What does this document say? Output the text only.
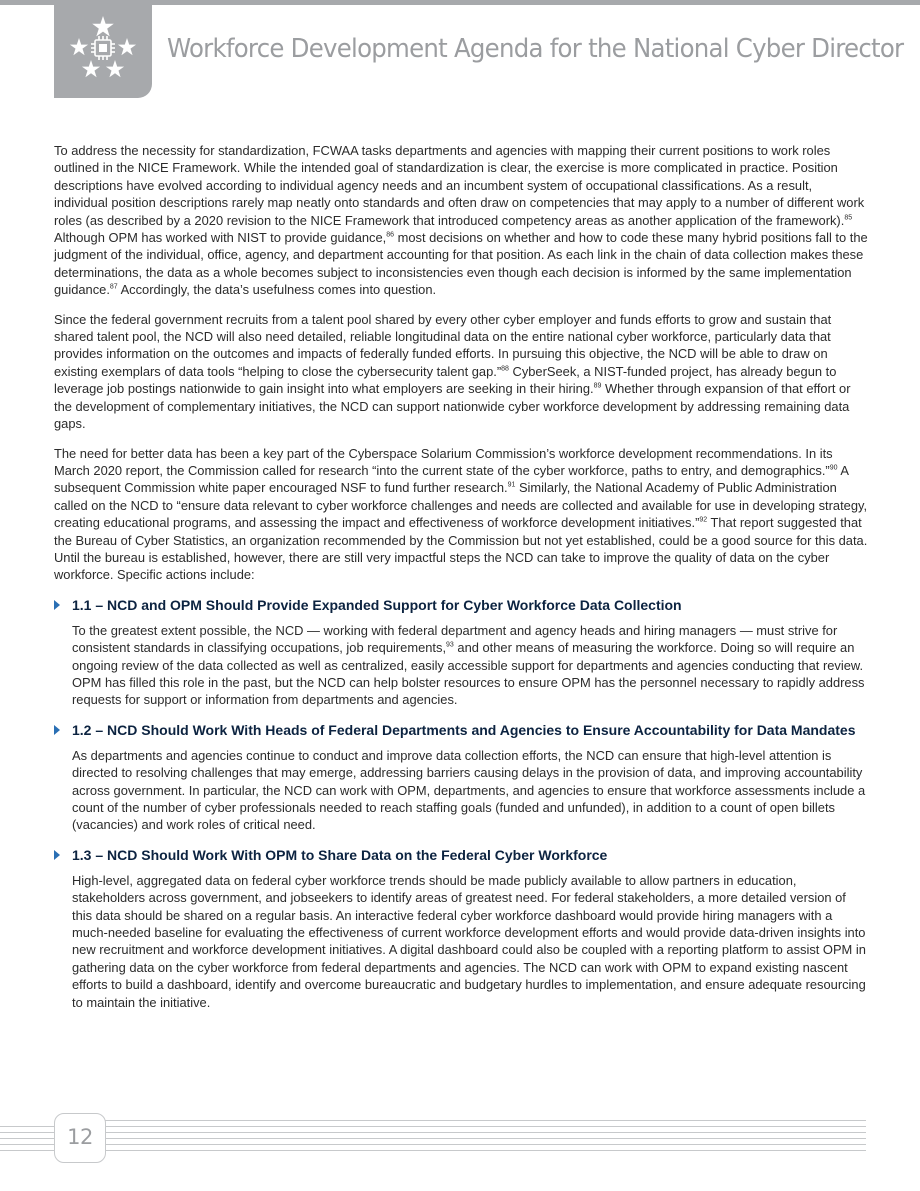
Workforce Development Agenda for the National Cyber Director

To address the necessity for standardization, FCWAA tasks departments and agencies with mapping their current positions to work roles outlined in the NICE Framework. While the intended goal of standardization is clear, the exercise is more complicated in practice. Position descriptions have evolved according to individual agency needs and an incumbent system of occupational classifications. As a result, individual position descriptions rarely map neatly onto standards and often draw on competencies that may apply to a number of different work roles (as described by a 2020 revision to the NICE Framework that introduced competency areas as another application of the framework).$^{85}$ Although OPM has worked with NIST to provide guidance,$^{86}$ most decisions on whether and how to code these many hybrid positions fall to the judgment of the individual, office, agency, and department accounting for that position. As each link in the chain of data collection makes these determinations, the data as a whole becomes subject to inconsistencies even though each decision is informed by the same implementation guidance.$^{87}$ Accordingly, the data’s usefulness comes into question.

Since the federal government recruits from a talent pool shared by every other cyber employer and funds efforts to grow and sustain that shared talent pool, the NCD will also need detailed, reliable longitudinal data on the entire national cyber workforce, particularly data that provides information on the outcomes and impacts of federally funded efforts. In pursuing this objective, the NCD will be able to draw on existing exemplars of data tools “helping to close the cybersecurity talent gap.”$^{88}$ CyberSeek, a NIST-funded project, has already begun to leverage job postings nationwide to gain insight into what employers are seeking in their hiring.$^{89}$ Whether through expansion of that effort or the development of complementary initiatives, the NCD can support nationwide cyber workforce development by addressing remaining data gaps.

The need for better data has been a key part of the Cyberspace Solarium Commission’s workforce development recommendations. In its March 2020 report, the Commission called for research “into the current state of the cyber workforce, paths to entry, and demographics.”$^{90}$ A subsequent Commission white paper encouraged NSF to fund further research.$^{91}$ Similarly, the National Academy of Public Administration called on the NCD to “ensure data relevant to cyber workforce challenges and needs are collected and available for use in developing strategy, creating educational programs, and assessing the impact and effectiveness of workforce development initiatives.”$^{92}$ That report suggested that the Bureau of Cyber Statistics, an organization recommended by the Commission but not yet established, could be a good source for this data. Until the bureau is established, however, there are still very impactful steps the NCD can take to improve the quality of data on the cyber workforce. Specific actions include:

1.1 – NCD and OPM Should Provide Expanded Support for Cyber Workforce Data Collection

To the greatest extent possible, the NCD — working with federal department and agency heads and hiring managers — must strive for consistent standards in classifying occupations, job requirements,$^{93}$ and other means of measuring the workforce. Doing so will require an ongoing review of the data collected as well as centralized, easily accessible support for departments and agencies conducting that review. OPM has filled this role in the past, but the NCD can help bolster resources to ensure OPM has the personnel necessary to rapidly address requests for support or information from departments and agencies.

1.2 – NCD Should Work With Heads of Federal Departments and Agencies to Ensure Accountability for Data Mandates

As departments and agencies continue to conduct and improve data collection efforts, the NCD can ensure that high-level attention is directed to resolving challenges that may emerge, addressing barriers causing delays in the provision of data, and improving accountability across government. In particular, the NCD can work with OPM, departments, and agencies to ensure that workforce assessments include a count of the number of cyber professionals needed to reach staffing goals (funded and unfunded), in addition to a count of open billets (vacancies) and work roles of critical need.

1.3 – NCD Should Work With OPM to Share Data on the Federal Cyber Workforce

High-level, aggregated data on federal cyber workforce trends should be made publicly available to allow partners in education, stakeholders across government, and jobseekers to identify areas of greatest need. For federal stakeholders, a more detailed version of this data should be shared on a regular basis. An interactive federal cyber workforce dashboard would provide hiring managers with a much-needed baseline for evaluating the effectiveness of current workforce development efforts and would provide data-driven insights into new recruitment and workforce development initiatives. A digital dashboard could also be coupled with a reporting platform to assist OPM in gathering data on the cyber workforce from federal departments and agencies. The NCD can work with OPM to expand existing nascent efforts to build a dashboard, identify and overcome bureaucratic and budgetary hurdles to implementation, and ensure adequate resourcing to maintain the initiative.

12
